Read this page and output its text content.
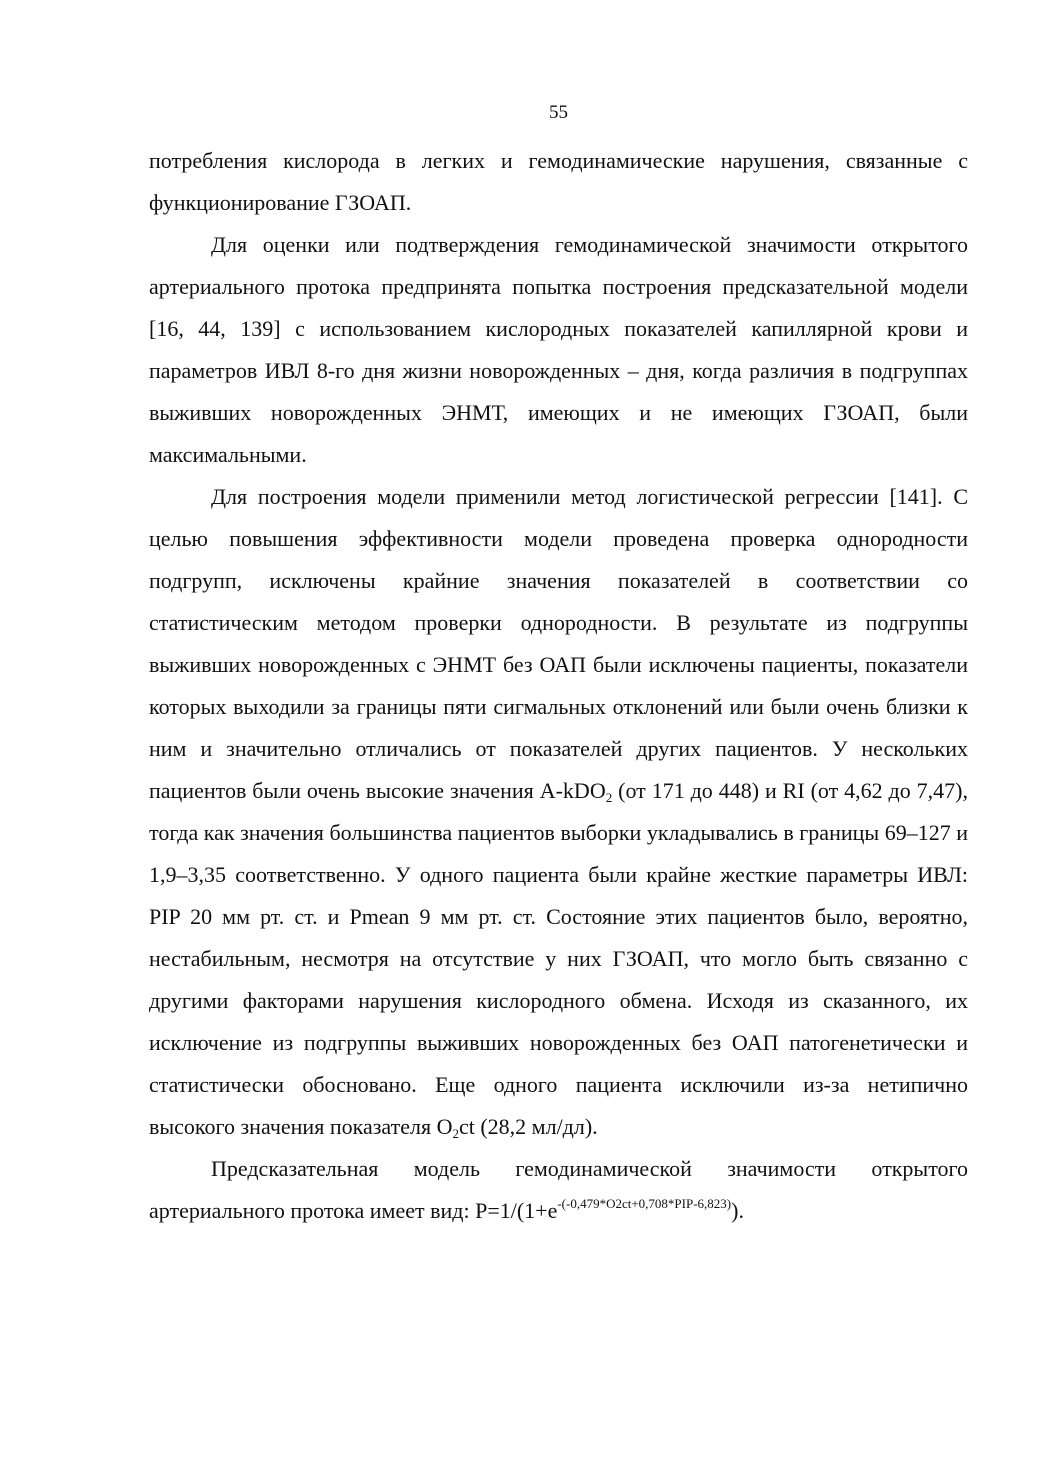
55

потребления кислорода в легких и гемодинамические нарушения, связанные с функционирование ГЗОАП.

Для оценки или подтверждения гемодинамической значимости открытого артериального протока предпринята попытка построения предсказательной модели [16, 44, 139] с использованием кислородных показателей капиллярной крови и параметров ИВЛ 8-го дня жизни новорожденных – дня, когда различия в подгруппах выживших новорожденных ЭНМТ, имеющих и не имеющих ГЗОАП, были максимальными.

Для построения модели применили метод логистической регрессии [141]. С целью повышения эффективности модели проведена проверка однородности подгрупп, исключены крайние значения показателей в соответствии со статистическим методом проверки однородности. В результате из подгруппы выживших новорожденных с ЭНМТ без ОАП были исключены пациенты, показатели которых выходили за границы пяти сигмальных отклонений или были очень близки к ним и значительно отличались от показателей других пациентов. У нескольких пациентов были очень высокие значения A-kDO$_2$ (от 171 до 448) и RI (от 4,62 до 7,47), тогда как значения большинства пациентов выборки укладывались в границы 69–127 и 1,9–3,35 соответственно. У одного пациента были крайне жесткие параметры ИВЛ: PIP 20 мм рт. ст. и Pmean 9 мм рт. ст. Состояние этих пациентов было, вероятно, нестабильным, несмотря на отсутствие у них ГЗОАП, что могло быть связанно с другими факторами нарушения кислородного обмена. Исходя из сказанного, их исключение из подгруппы выживших новорожденных без ОАП патогенетически и статистически обосновано. Еще одного пациента исключили из-за нетипично высокого значения показателя $O_2ct$ (28,2 мл/дл).

Предсказательная модель гемодинамической значимости открытого артериального протока имеет вид: $P=1/(1+e^{-(-0,479*O2ct+0,708*PIP-6,823)})$.
